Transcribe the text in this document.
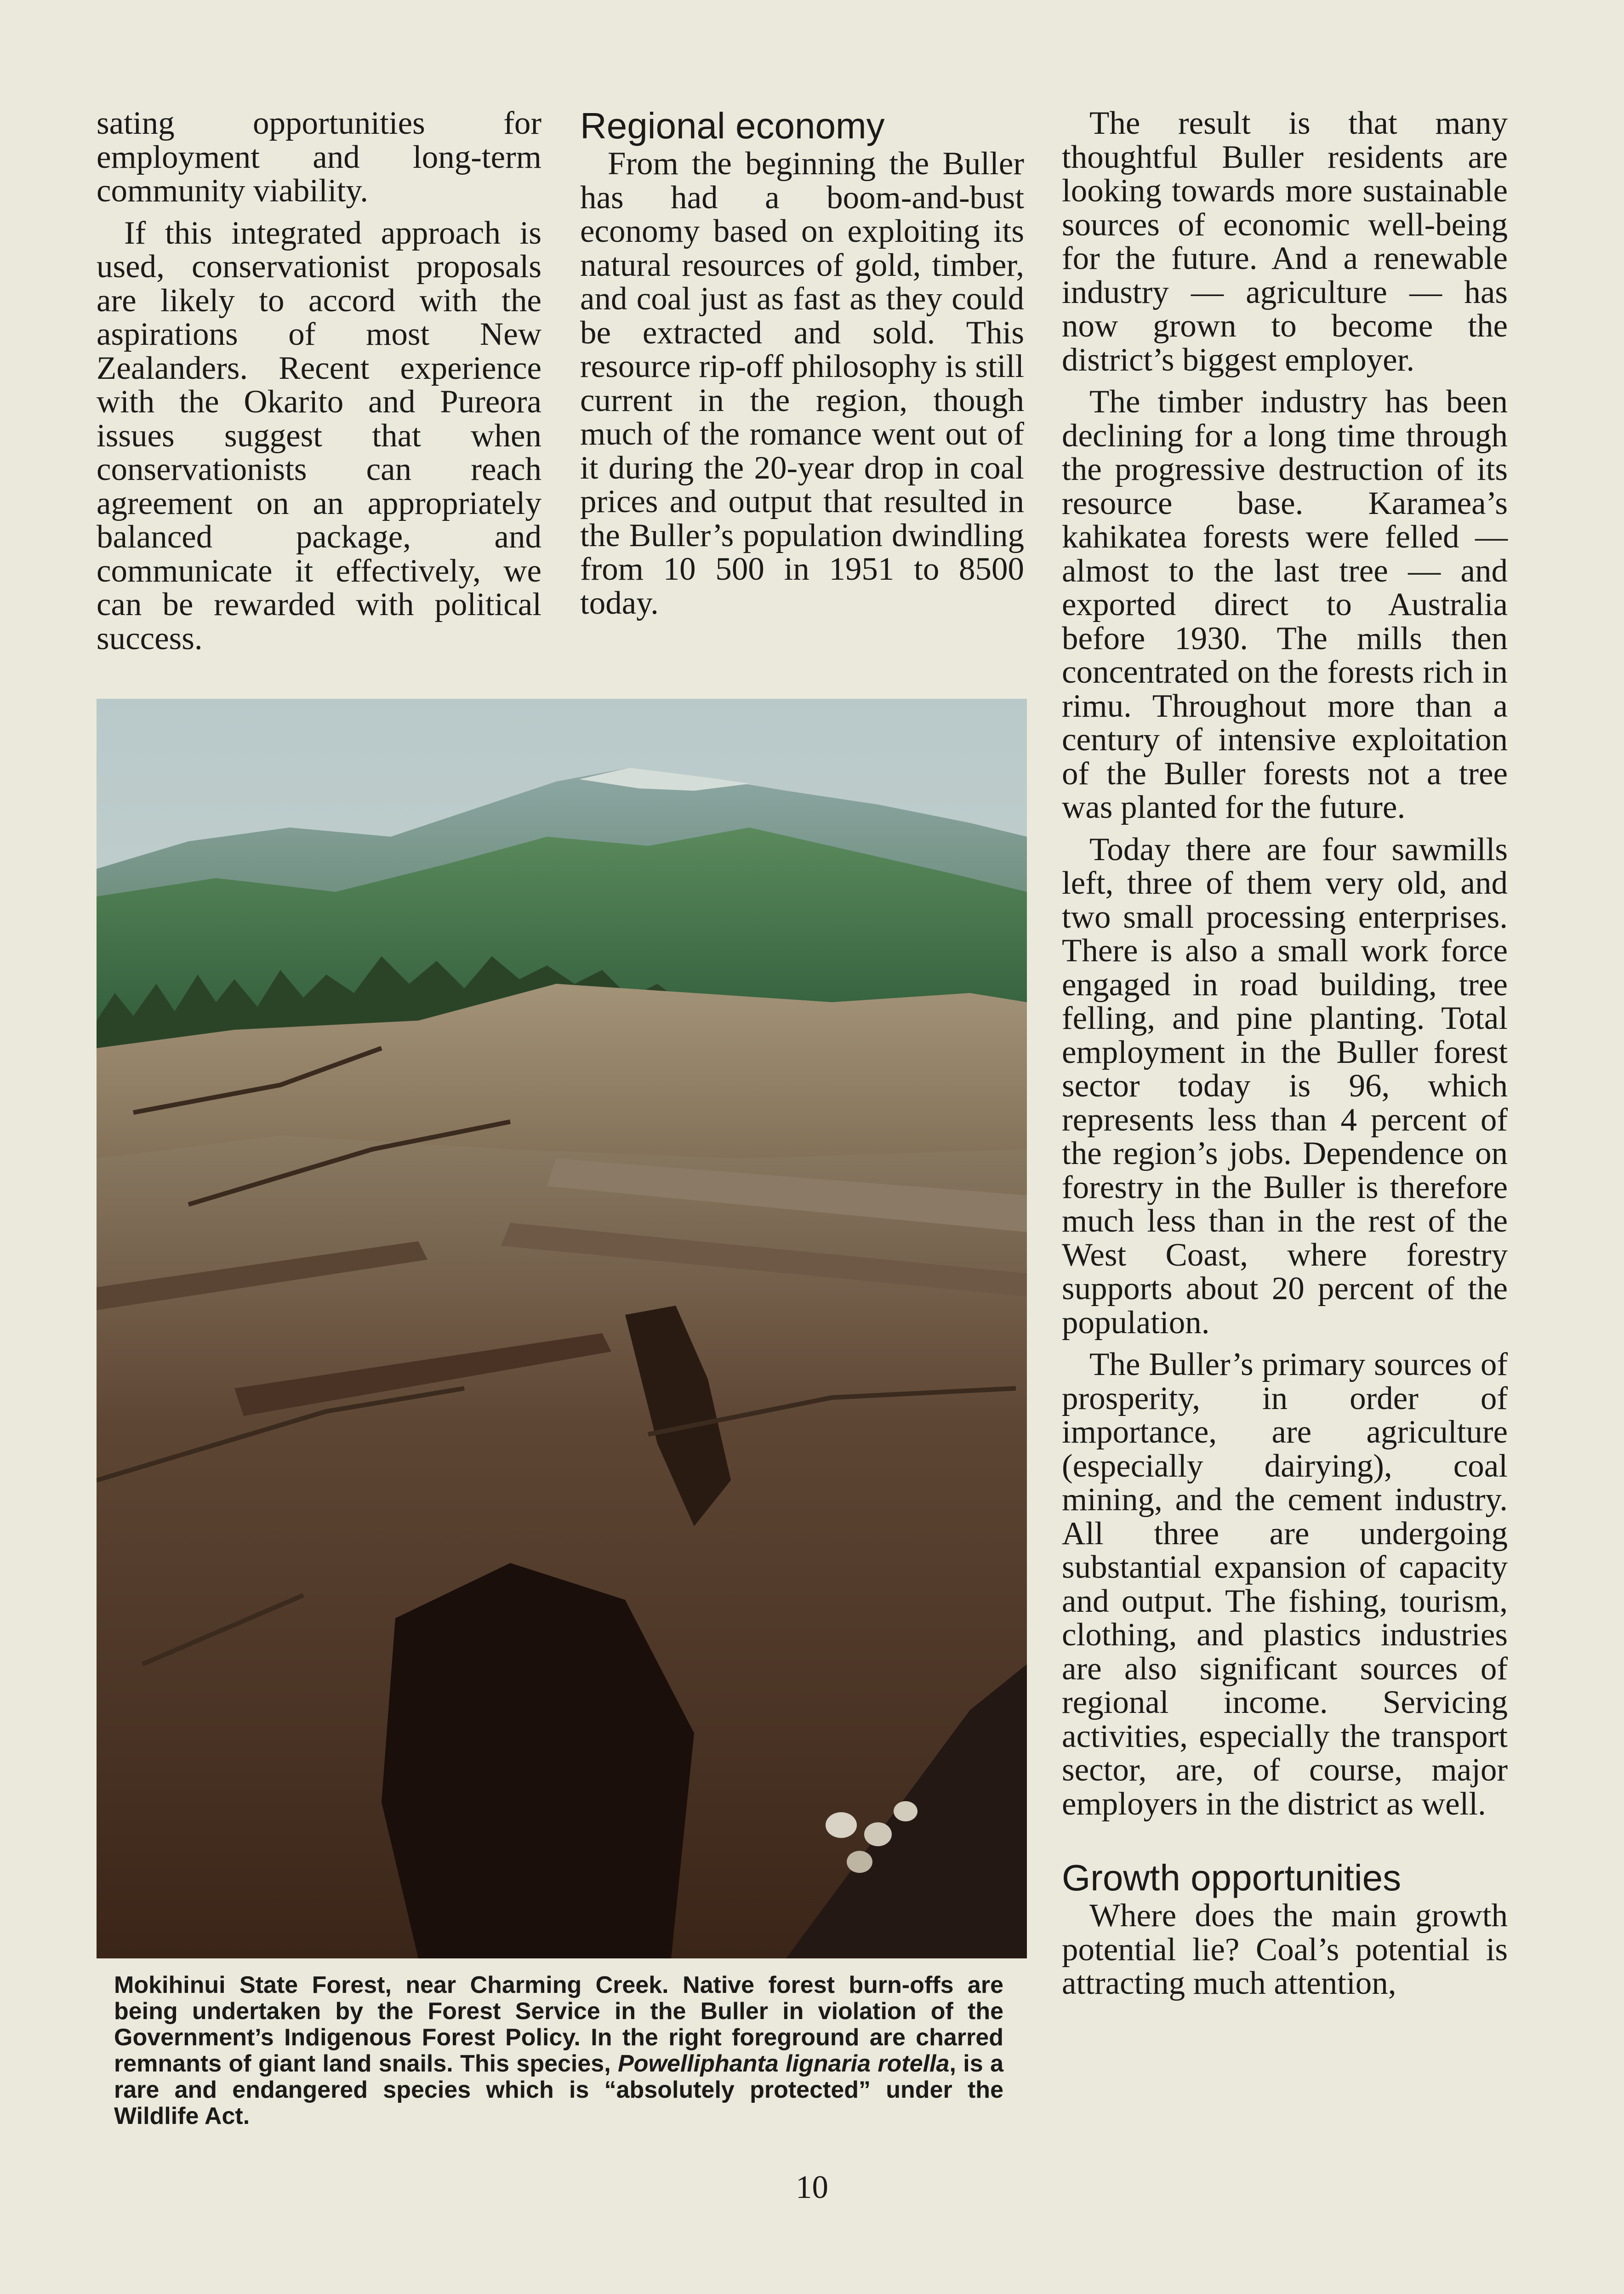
sating opportunities for employment and long-term community viability.

If this integrated approach is used, conservationist proposals are likely to accord with the aspirations of most New Zealanders. Recent experience with the Okarito and Pureora issues suggest that when conservationists can reach agreement on an appropriately balanced package, and communicate it effectively, we can be rewarded with political success.

Regional economy

From the beginning the Buller has had a boom-and-bust economy based on exploiting its natural resources of gold, timber, and coal just as fast as they could be extracted and sold. This resource rip-off philosophy is still current in the region, though much of the romance went out of it during the 20-year drop in coal prices and output that resulted in the Buller’s population dwindling from 10 500 in 1951 to 8500 today.

The result is that many thoughtful Buller residents are looking towards more sustainable sources of economic well-being for the future. And a renewable industry — agriculture — has now grown to become the district’s biggest employer.

The timber industry has been declining for a long time through the progressive destruction of its resource base. Karamea’s kahikatea forests were felled — almost to the last tree — and exported direct to Australia before 1930. The mills then concentrated on the forests rich in rimu. Throughout more than a century of intensive exploitation of the Buller forests not a tree was planted for the future.

Today there are four sawmills left, three of them very old, and two small processing enterprises. There is also a small work force engaged in road building, tree felling, and pine planting. Total employment in the Buller forest sector today is 96, which represents less than 4 percent of the region’s jobs. Dependence on forestry in the Buller is therefore much less than in the rest of the West Coast, where forestry supports about 20 percent of the population.

The Buller’s primary sources of prosperity, in order of importance, are agriculture (especially dairying), coal mining, and the cement industry. All three are undergoing substantial expansion of capacity and output. The fishing, tourism, clothing, and plastics industries are also significant sources of regional income. Servicing activities, especially the transport sector, are, of course, major employers in the district as well.

Growth opportunities

Where does the main growth potential lie? Coal’s potential is attracting much attention,

Mokihinui State Forest, near Charming Creek. Native forest burn-offs are being undertaken by the Forest Service in the Buller in violation of the Government’s Indigenous Forest Policy. In the right foreground are charred remnants of giant land snails. This species, Powelliphanta lignaria rotella, is a rare and endangered species which is “absolutely protected” under the Wildlife Act.

10
